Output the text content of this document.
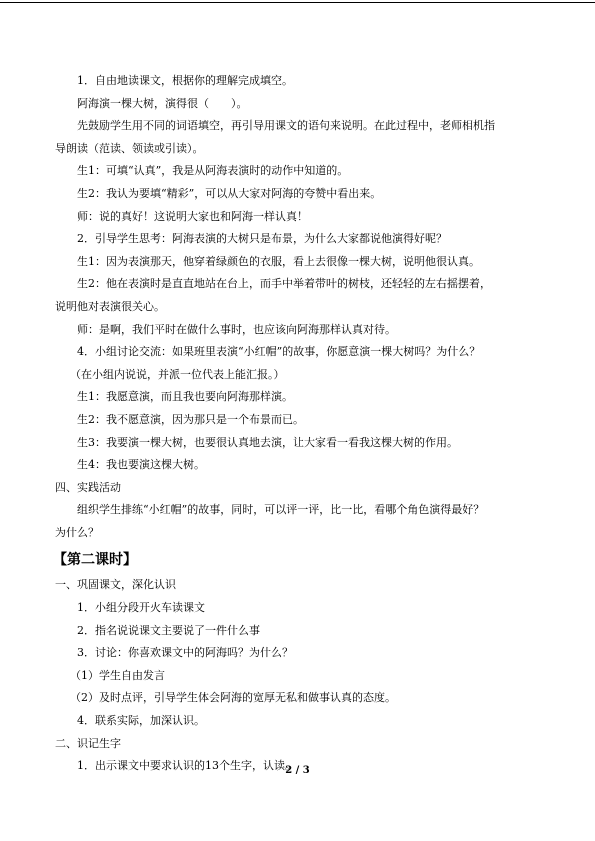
1．自由地读课文，根据你的理解完成填空。
阿海演一棵大树，演得很（　　）。
先鼓励学生用不同的词语填空，再引导用课文的语句来说明。在此过程中，老师相机指
导朗读（范读、领读或引读）。
生1：可填“认真”，我是从阿海表演时的动作中知道的。
生2：我认为要填“精彩”，可以从大家对阿海的夸赞中看出来。
师：说的真好！这说明大家也和阿海一样认真！
2．引导学生思考：阿海表演的大树只是布景，为什么大家都说他演得好呢？
生1：因为表演那天，他穿着绿颜色的衣服，看上去很像一棵大树，说明他很认真。
生2：他在表演时是直直地站在台上，而手中举着带叶的树枝，还轻轻的左右摇摆着，
说明他对表演很关心。
师：是啊，我们平时在做什么事时，也应该向阿海那样认真对待。
4．小组讨论交流：如果班里表演“小红帽”的故事，你愿意演一棵大树吗？为什么？
（在小组内说说，并派一位代表上能汇报。）
生1：我愿意演，而且我也要向阿海那样演。
生2：我不愿意演，因为那只是一个布景而已。
生3：我要演一棵大树，也要很认真地去演，让大家看一看我这棵大树的作用。
生4：我也要演这棵大树。
四、实践活动
组织学生排练“小红帽”的故事，同时，可以评一评，比一比，看哪个角色演得最好？
为什么？
【第二课时】
一、巩固课文，深化认识
1．小组分段开火车读课文
2．指名说说课文主要说了一件什么事
3．讨论：你喜欢课文中的阿海吗？为什么？
（1）学生自由发言
（2）及时点评，引导学生体会阿海的宽厚无私和做事认真的态度。
4．联系实际，加深认识。
二、识记生字
1．出示课文中要求认识的13个生字，认读。
2 / 3
